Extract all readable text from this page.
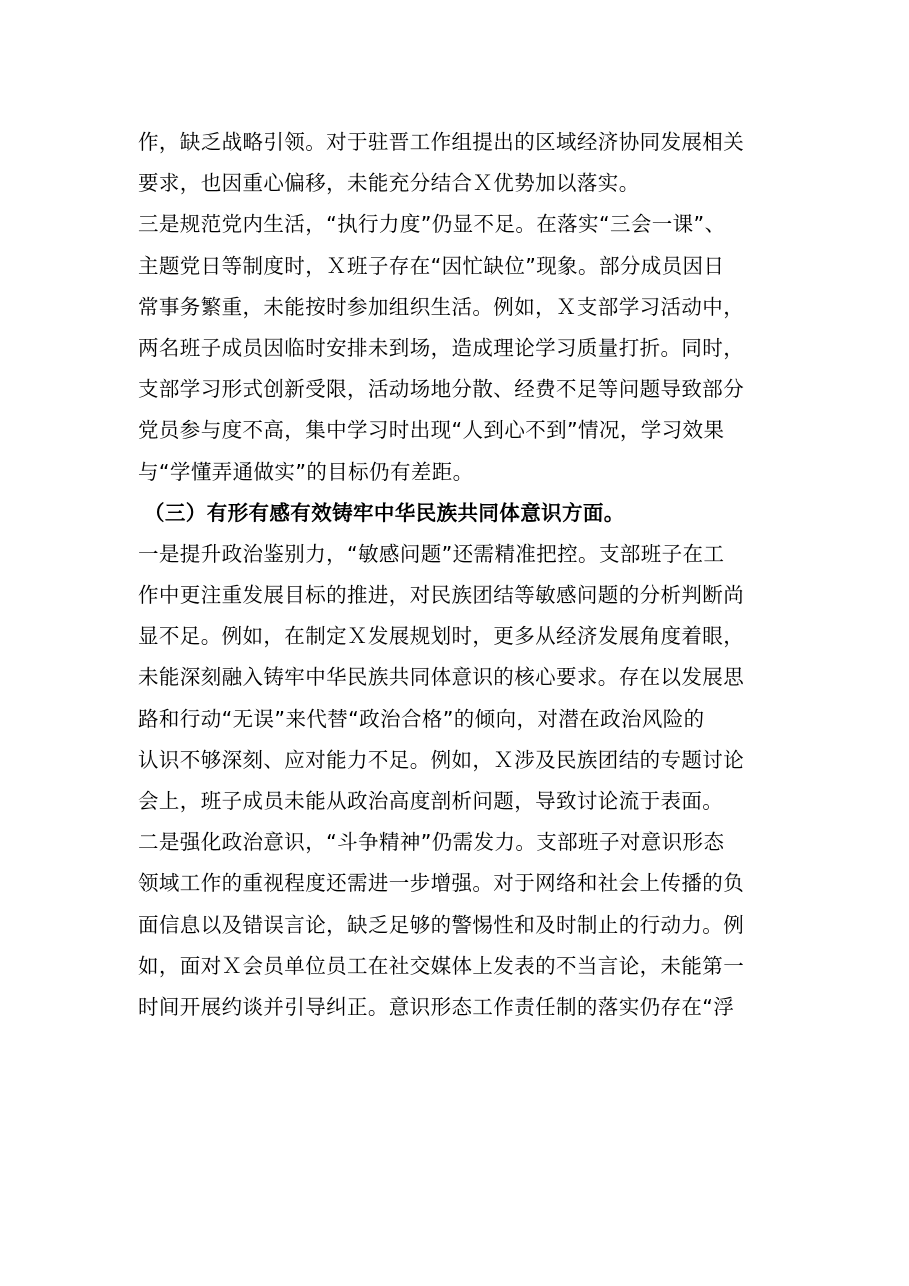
作，缺乏战略引领。对于驻晋工作组提出的区域经济协同发展相关
要求，也因重心偏移，未能充分结合Ｘ优势加以落实。
三是规范党内生活，“执行力度”仍显不足。在落实“三会一课”、
主题党日等制度时，Ｘ班子存在“因忙缺位”现象。部分成员因日
常事务繁重，未能按时参加组织生活。例如，Ｘ支部学习活动中，
两名班子成员因临时安排未到场，造成理论学习质量打折。同时，
支部学习形式创新受限，活动场地分散、经费不足等问题导致部分
党员参与度不高，集中学习时出现“人到心不到”情况，学习效果
与“学懂弄通做实”的目标仍有差距。
（三）有形有感有效铸牢中华民族共同体意识方面。
一是提升政治鉴别力，“敏感问题”还需精准把控。支部班子在工
作中更注重发展目标的推进，对民族团结等敏感问题的分析判断尚
显不足。例如，在制定Ｘ发展规划时，更多从经济发展角度着眼，
未能深刻融入铸牢中华民族共同体意识的核心要求。存在以发展思
路和行动“无误”来代替“政治合格”的倾向，对潜在政治风险的
认识不够深刻、应对能力不足。例如，Ｘ涉及民族团结的专题讨论
会上，班子成员未能从政治高度剖析问题，导致讨论流于表面。
二是强化政治意识，“斗争精神”仍需发力。支部班子对意识形态
领域工作的重视程度还需进一步增强。对于网络和社会上传播的负
面信息以及错误言论，缺乏足够的警惕性和及时制止的行动力。例
如，面对Ｘ会员单位员工在社交媒体上发表的不当言论，未能第一
时间开展约谈并引导纠正。意识形态工作责任制的落实仍存在“浮
